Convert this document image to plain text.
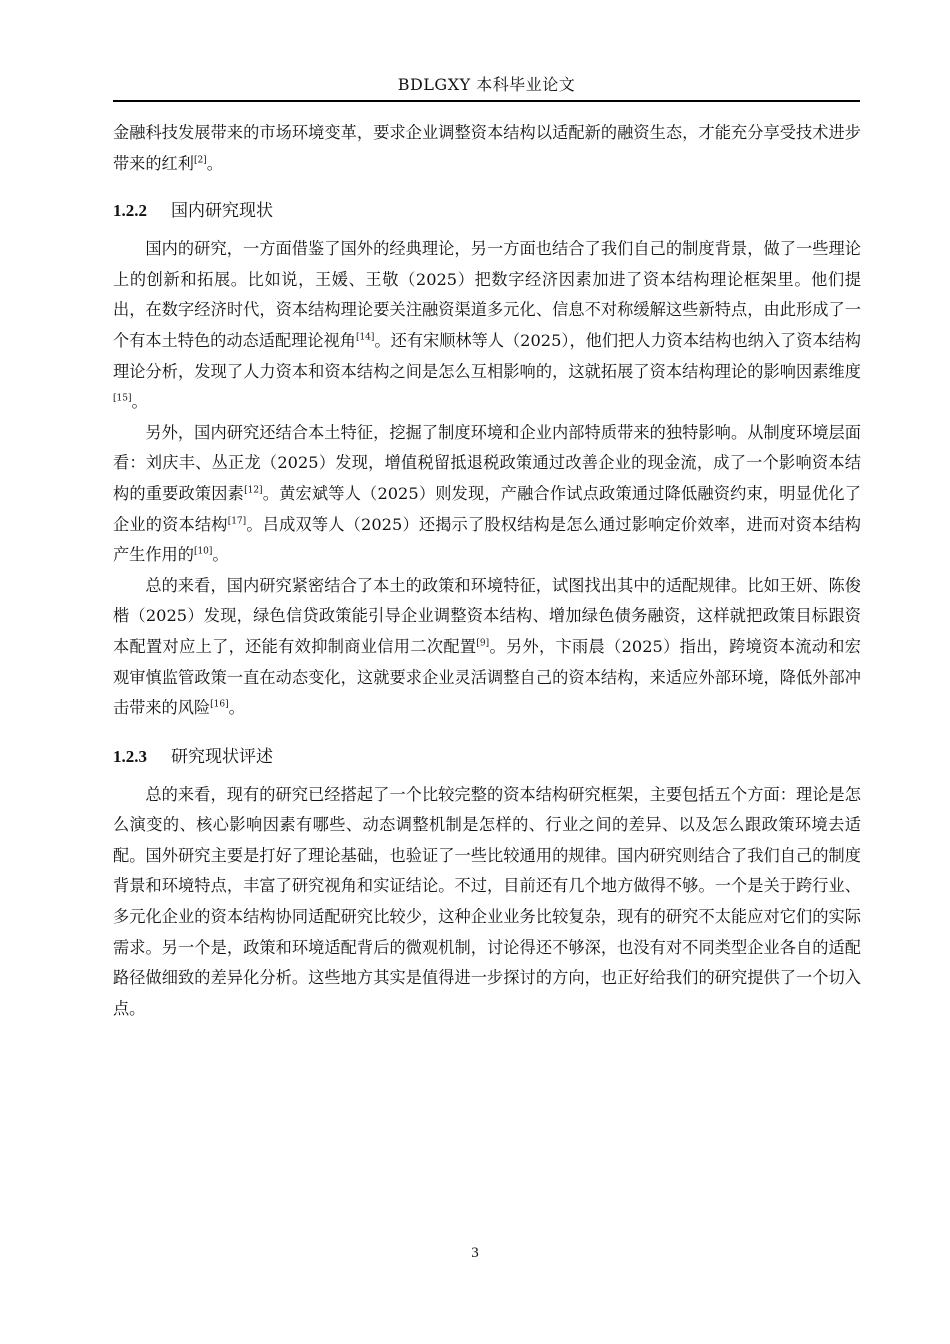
BDLGXY 本科毕业论文

金融科技发展带来的市场环境变革，要求企业调整资本结构以适配新的融资生态，才能充分享受技术进步带来的红利[2]。

1.2.2 国内研究现状

国内的研究，一方面借鉴了国外的经典理论，另一方面也结合了我们自己的制度背景，做了一些理论上的创新和拓展。比如说，王媛、王敬（2025）把数字经济因素加进了资本结构理论框架里。他们提出，在数字经济时代，资本结构理论要关注融资渠道多元化、信息不对称缓解这些新特点，由此形成了一个有本土特色的动态适配理论视角[14]。还有宋顺林等人（2025），他们把人力资本结构也纳入了资本结构理论分析，发现了人力资本和资本结构之间是怎么互相影响的，这就拓展了资本结构理论的影响因素维度[15]。

另外，国内研究还结合本土特征，挖掘了制度环境和企业内部特质带来的独特影响。从制度环境层面看：刘庆丰、丛正龙（2025）发现，增值税留抵退税政策通过改善企业的现金流，成了一个影响资本结构的重要政策因素[12]。黄宏斌等人（2025）则发现，产融合作试点政策通过降低融资约束，明显优化了企业的资本结构[17]。吕成双等人（2025）还揭示了股权结构是怎么通过影响定价效率，进而对资本结构产生作用的[10]。

总的来看，国内研究紧密结合了本土的政策和环境特征，试图找出其中的适配规律。比如王妍、陈俊楷（2025）发现，绿色信贷政策能引导企业调整资本结构、增加绿色债务融资，这样就把政策目标跟资本配置对应上了，还能有效抑制商业信用二次配置[9]。另外，卞雨晨（2025）指出，跨境资本流动和宏观审慎监管政策一直在动态变化，这就要求企业灵活调整自己的资本结构，来适应外部环境，降低外部冲击带来的风险[16]。

1.2.3 研究现状评述

总的来看，现有的研究已经搭起了一个比较完整的资本结构研究框架，主要包括五个方面：理论是怎么演变的、核心影响因素有哪些、动态调整机制是怎样的、行业之间的差异、以及怎么跟政策环境去适配。国外研究主要是打好了理论基础，也验证了一些比较通用的规律。国内研究则结合了我们自己的制度背景和环境特点，丰富了研究视角和实证结论。不过，目前还有几个地方做得不够。一个是关于跨行业、多元化企业的资本结构协同适配研究比较少，这种企业业务比较复杂，现有的研究不太能应对它们的实际需求。另一个是，政策和环境适配背后的微观机制，讨论得还不够深，也没有对不同类型企业各自的适配路径做细致的差异化分析。这些地方其实是值得进一步探讨的方向，也正好给我们的研究提供了一个切入点。

3
